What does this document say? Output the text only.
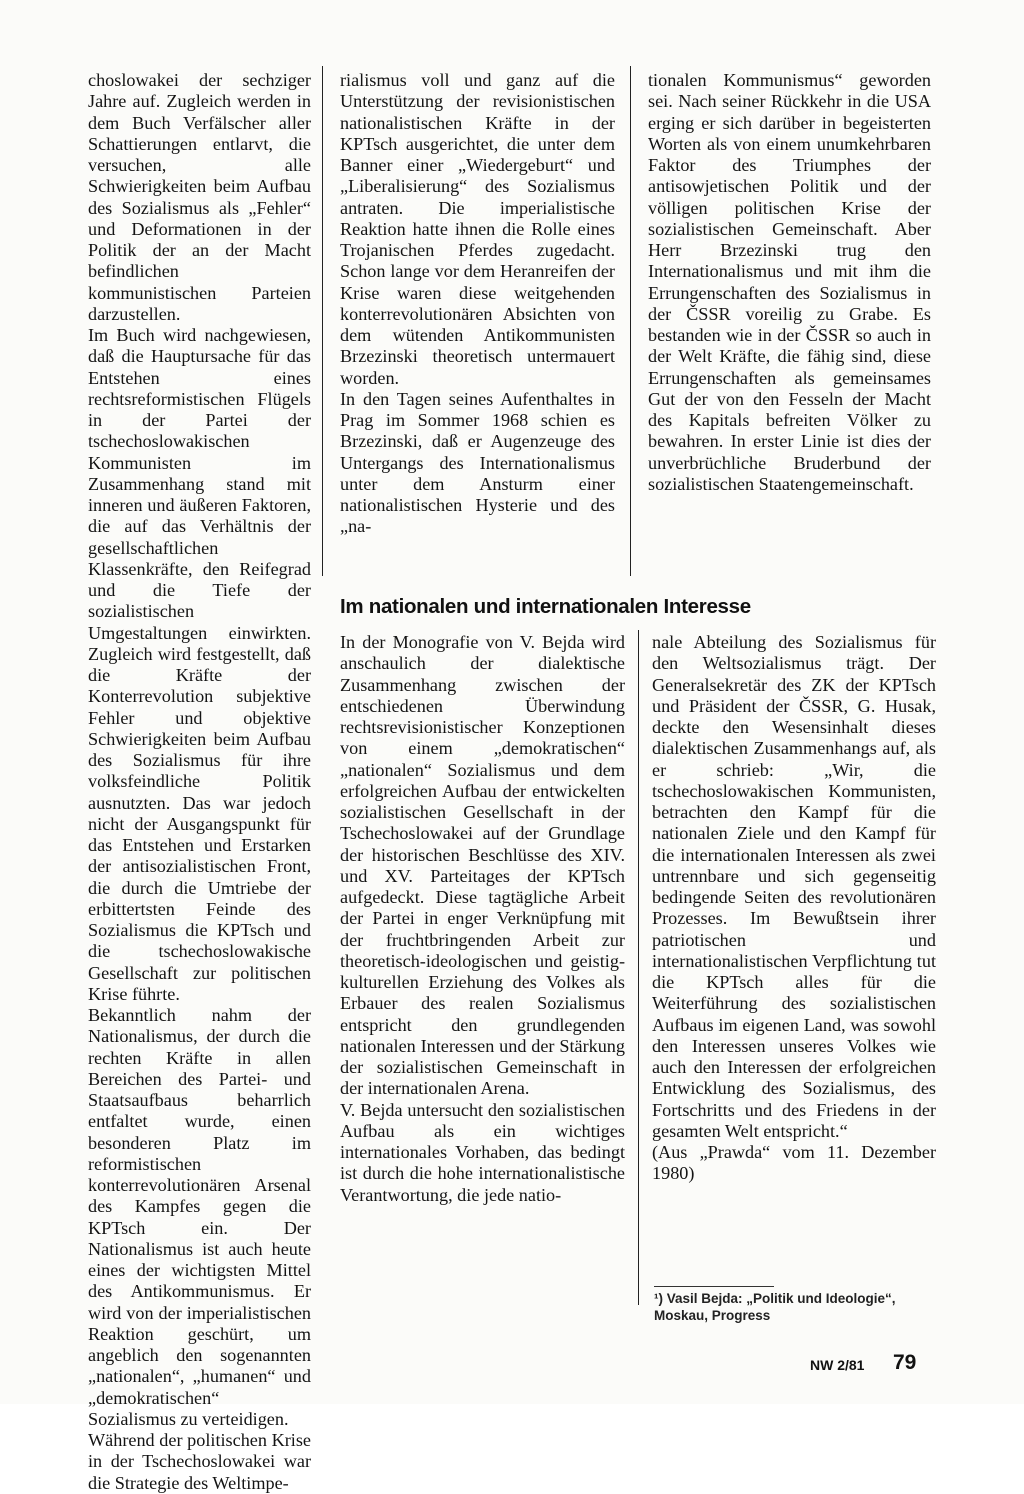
choslowakei der sechziger Jahre auf. Zugleich werden in dem Buch Verfälscher aller Schattierungen entlarvt, die versuchen, alle Schwierigkeiten beim Aufbau des Sozialismus als „Fehler“ und Deformationen in der Politik der an der Macht befindlichen kommunistischen Parteien darzustellen.

Im Buch wird nachgewiesen, daß die Hauptursache für das Entstehen eines rechtsreformistischen Flügels in der Partei der tschechoslowakischen Kommunisten im Zusammenhang stand mit inneren und äußeren Faktoren, die auf das Verhältnis der gesellschaftlichen Klassenkräfte, den Reifegrad und die Tiefe der sozialistischen Umgestaltungen einwirkten. Zugleich wird festgestellt, daß die Kräfte der Konterrevolution subjektive Fehler und objektive Schwierigkeiten beim Aufbau des Sozialismus für ihre volksfeindliche Politik ausnutzten. Das war jedoch nicht der Ausgangspunkt für das Entstehen und Erstarken der antisozialistischen Front, die durch die Umtriebe der erbittertsten Feinde des Sozialismus die KPTsch und die tschechoslowakische Gesellschaft zur politischen Krise führte.

Bekanntlich nahm der Nationalismus, der durch die rechten Kräfte in allen Bereichen des Partei- und Staatsaufbaus beharrlich entfaltet wurde, einen besonderen Platz im reformistischen konterrevolutionären Arsenal des Kampfes gegen die KPTsch ein. Der Nationalismus ist auch heute eines der wichtigsten Mittel des Antikommunismus. Er wird von der imperialistischen Reaktion geschürt, um angeblich den sogenannten „nationalen“, „humanen“ und „demokratischen“ Sozialismus zu verteidigen.

Während der politischen Krise in der Tschechoslowakei war die Strategie des Weltimpe-

rialismus voll und ganz auf die Unterstützung der revisionistischen nationalistischen Kräfte in der KPTsch ausgerichtet, die unter dem Banner einer „Wiedergeburt“ und „Liberalisierung“ des Sozialismus antraten. Die imperialistische Reaktion hatte ihnen die Rolle eines Trojanischen Pferdes zugedacht. Schon lange vor dem Heranreifen der Krise waren diese weitgehenden konterrevolutionären Absichten von dem wütenden Antikommunisten Brzezinski theoretisch untermauert worden.

In den Tagen seines Aufenthaltes in Prag im Sommer 1968 schien es Brzezinski, daß er Augenzeuge des Untergangs des Internationalismus unter dem Ansturm einer nationalistischen Hysterie und des „na-

tionalen Kommunismus“ geworden sei. Nach seiner Rückkehr in die USA erging er sich darüber in begeisterten Worten als von einem unumkehrbaren Faktor des Triumphes der antisowjetischen Politik und der völligen politischen Krise der sozialistischen Gemeinschaft. Aber Herr Brzezinski trug den Internationalismus und mit ihm die Errungenschaften des Sozialismus in der ČSSR voreilig zu Grabe. Es bestanden wie in der ČSSR so auch in der Welt Kräfte, die fähig sind, diese Errungenschaften als gemeinsames Gut der von den Fesseln der Macht des Kapitals befreiten Völker zu bewahren. In erster Linie ist dies der unverbrüchliche Bruderbund der sozialistischen Staatengemeinschaft.

Im nationalen und internationalen Interesse

In der Monografie von V. Bejda wird anschaulich der dialektische Zusammenhang zwischen der entschiedenen Überwindung rechtsrevisionistischer Konzeptionen von einem „demokratischen“ „nationalen“ Sozialismus und dem erfolgreichen Aufbau der entwickelten sozialistischen Gesellschaft in der Tschechoslowakei auf der Grundlage der historischen Beschlüsse des XIV. und XV. Parteitages der KPTsch aufgedeckt. Diese tagtägliche Arbeit der Partei in enger Verknüpfung mit der fruchtbringenden Arbeit zur theoretisch-ideologischen und geistig-kulturellen Erziehung des Volkes als Erbauer des realen Sozialismus entspricht den grundlegenden nationalen Interessen und der Stärkung der sozialistischen Gemeinschaft in der internationalen Arena.

V. Bejda untersucht den sozialistischen Aufbau als ein wichtiges internationales Vorhaben, das bedingt ist durch die hohe internationalistische Verantwortung, die jede natio-

nale Abteilung des Sozialismus für den Weltsozialismus trägt. Der Generalsekretär des ZK der KPTsch und Präsident der ČSSR, G. Husak, deckte den Wesensinhalt dieses dialektischen Zusammenhangs auf, als er schrieb: „Wir, die tschechoslowakischen Kommunisten, betrachten den Kampf für die nationalen Ziele und den Kampf für die internationalen Interessen als zwei untrennbare und sich gegenseitig bedingende Seiten des revolutionären Prozesses. Im Bewußtsein ihrer patriotischen und internationalistischen Verpflichtung tut die KPTsch alles für die Weiterführung des sozialistischen Aufbaus im eigenen Land, was sowohl den Interessen unseres Volkes wie auch den Interessen der erfolgreichen Entwicklung des Sozialismus, des Fortschritts und des Friedens in der gesamten Welt entspricht.“

(Aus „Prawda“ vom 11. Dezember 1980)

¹) Vasil Bejda: „Politik und Ideologie“, Moskau, Progress
NW 2/81 79
